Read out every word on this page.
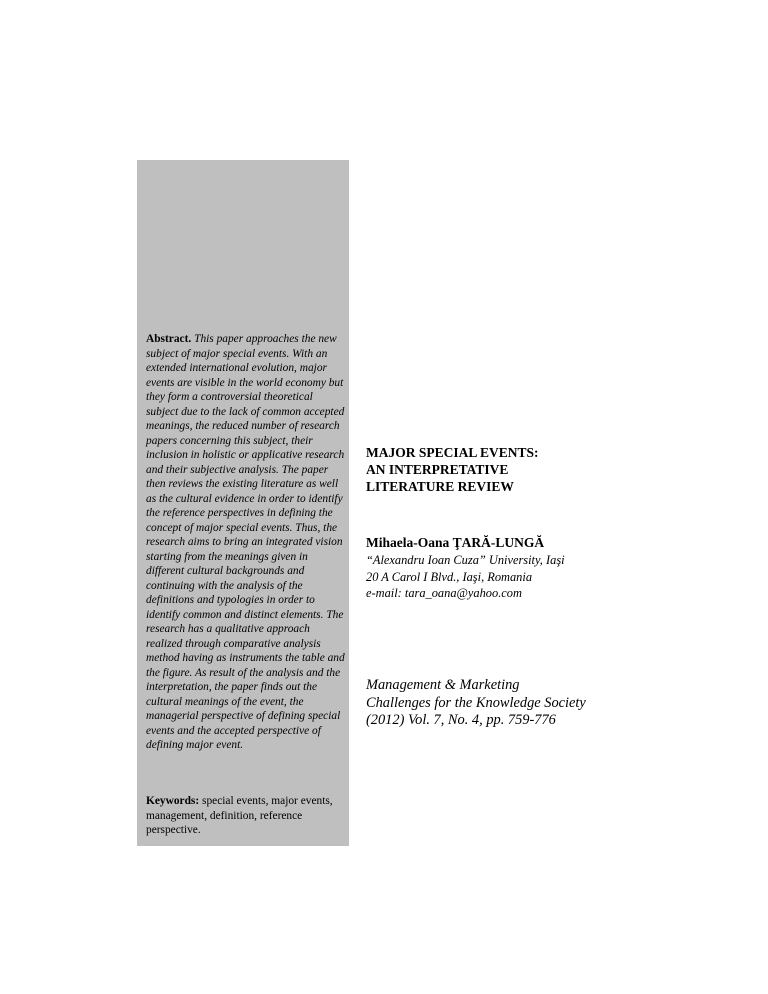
Abstract. This paper approaches the new subject of major special events. With an extended international evolution, major events are visible in the world economy but they form a controversial theoretical subject due to the lack of common accepted meanings, the reduced number of research papers concerning this subject, their inclusion in holistic or applicative research and their subjective analysis. The paper then reviews the existing literature as well as the cultural evidence in order to identify the reference perspectives in defining the concept of major special events. Thus, the research aims to bring an integrated vision starting from the meanings given in different cultural backgrounds and continuing with the analysis of the definitions and typologies in order to identify common and distinct elements. The research has a qualitative approach realized through comparative analysis method having as instruments the table and the figure. As result of the analysis and the interpretation, the paper finds out the cultural meanings of the event, the managerial perspective of defining special events and the accepted perspective of defining major event.

Keywords: special events, major events, management, definition, reference perspective.

MAJOR SPECIAL EVENTS:
AN INTERPRETATIVE
LITERATURE REVIEW

Mihaela-Oana ŢARĂ-LUNGĂ

“Alexandru Ioan Cuza” University, Iaşi
20 A Carol I Blvd., Iaşi, Romania
e-mail: tara_oana@yahoo.com

Management & Marketing
Challenges for the Knowledge Society
(2012) Vol. 7, No. 4, pp. 759-776
